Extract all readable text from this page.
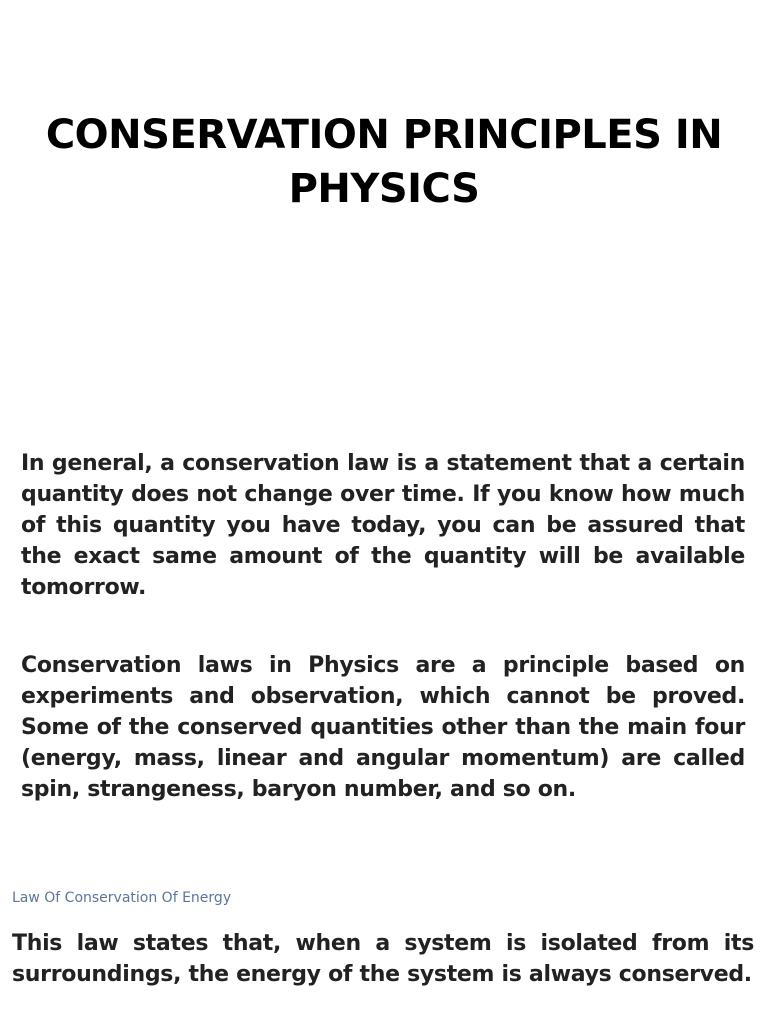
CONSERVATION PRINCIPLES IN PHYSICS

In general, a conservation law is a statement that a certain quantity does not change over time. If you know how much of this quantity you have today, you can be assured that the exact same amount of the quantity will be available tomorrow.

Conservation laws in Physics are a principle based on experiments and observation, which cannot be proved. Some of the conserved quantities other than the main four (energy, mass, linear and angular momentum) are called spin, strangeness, baryon number, and so on.

Law Of Conservation Of Energy

This law states that, when a system is isolated from its surroundings, the energy of the system is always conserved.
